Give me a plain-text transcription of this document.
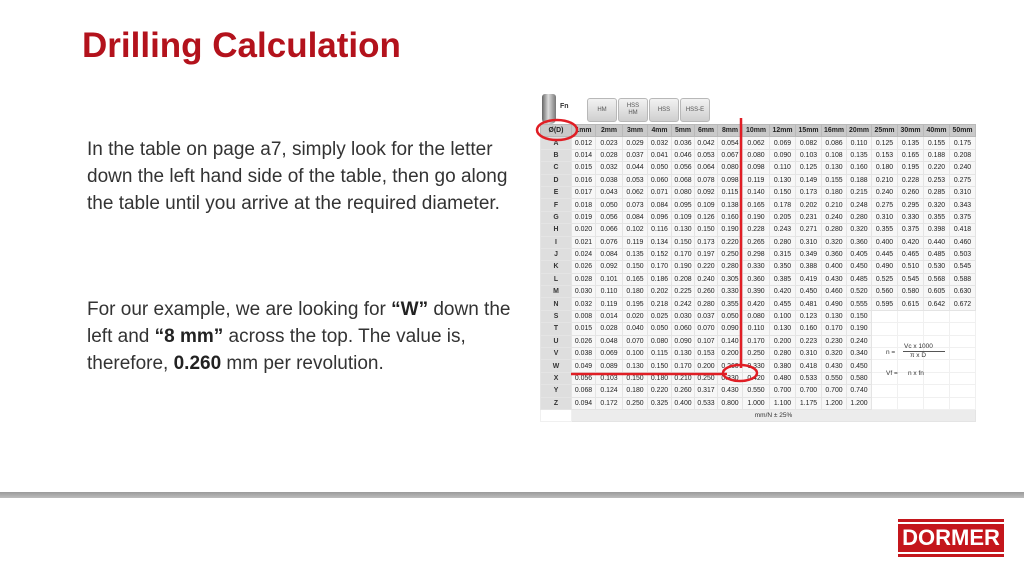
Drilling Calculation

In the table on page a7, simply look for the letter down the left hand side of the table, then go along the table until you arrive at the required diameter.

For our example, we are looking for “W” down the left and “8 mm” across the top. The value is, therefore, 0.260 mm per revolution.

Fn	HM
HSS
HM
HSS	HSS-E
Ø(D)	1mm	2mm	3mm	4mm	5mm	6mm	8mm	10mm	12mm	15mm	16mm	20mm	25mm	30mm	40mm	50mm
A	0.012	0.023	0.029	0.032	0.036	0.042	0.054	0.062	0.069	0.082	0.086	0.110	0.125	0.135	0.155	0.175
B	0.014	0.028	0.037	0.041	0.046	0.053	0.067	0.080	0.090	0.103	0.108	0.135	0.153	0.165	0.188	0.208
C	0.015	0.032	0.044	0.050	0.056	0.064	0.080	0.098	0.110	0.125	0.130	0.160	0.180	0.195	0.220	0.240
D	0.016	0.038	0.053	0.060	0.068	0.078	0.098	0.119	0.130	0.149	0.155	0.188	0.210	0.228	0.253	0.275
E	0.017	0.043	0.062	0.071	0.080	0.092	0.115	0.140	0.150	0.173	0.180	0.215	0.240	0.260	0.285	0.310
F	0.018	0.050	0.073	0.084	0.095	0.109	0.138	0.165	0.178	0.202	0.210	0.248	0.275	0.295	0.320	0.343
G	0.019	0.056	0.084	0.096	0.109	0.126	0.160	0.190	0.205	0.231	0.240	0.280	0.310	0.330	0.355	0.375
H	0.020	0.066	0.102	0.116	0.130	0.150	0.190	0.228	0.243	0.271	0.280	0.320	0.355	0.375	0.398	0.418
I	0.021	0.076	0.119	0.134	0.150	0.173	0.220	0.265	0.280	0.310	0.320	0.360	0.400	0.420	0.440	0.460
J	0.024	0.084	0.135	0.152	0.170	0.197	0.250	0.298	0.315	0.349	0.360	0.405	0.445	0.465	0.485	0.503
K	0.026	0.092	0.150	0.170	0.190	0.220	0.280	0.330	0.350	0.388	0.400	0.450	0.490	0.510	0.530	0.545
L	0.028	0.101	0.165	0.186	0.208	0.240	0.305	0.360	0.385	0.419	0.430	0.485	0.525	0.545	0.568	0.588
M	0.030	0.110	0.180	0.202	0.225	0.260	0.330	0.390	0.420	0.450	0.460	0.520	0.560	0.580	0.605	0.630
N	0.032	0.119	0.195	0.218	0.242	0.280	0.355	0.420	0.455	0.481	0.490	0.555	0.595	0.615	0.642	0.672
S	0.008	0.014	0.020	0.025	0.030	0.037	0.050	0.080	0.100	0.123	0.130	0.150				
T	0.015	0.028	0.040	0.050	0.060	0.070	0.090	0.110	0.130	0.160	0.170	0.190				
U	0.026	0.048	0.070	0.080	0.090	0.107	0.140	0.170	0.200	0.223	0.230	0.240				
V	0.038	0.069	0.100	0.115	0.130	0.153	0.200	0.250	0.280	0.310	0.320	0.340				
W	0.049	0.089	0.130	0.150	0.170	0.200	0.260	0.330	0.380	0.418	0.430	0.450				
X	0.056	0.103	0.150	0.180	0.210	0.250	0.330	0.420	0.480	0.533	0.550	0.580				
Y	0.068	0.124	0.180	0.220	0.260	0.317	0.430	0.550	0.700	0.700	0.700	0.740				
Z	0.094	0.172	0.250	0.325	0.400	0.533	0.800	1.000	1.100	1.175	1.200	1.200				
	mm/N ± 25%															
n =
Vc x 1000
π x D
Vf = n x fn
DORMER
